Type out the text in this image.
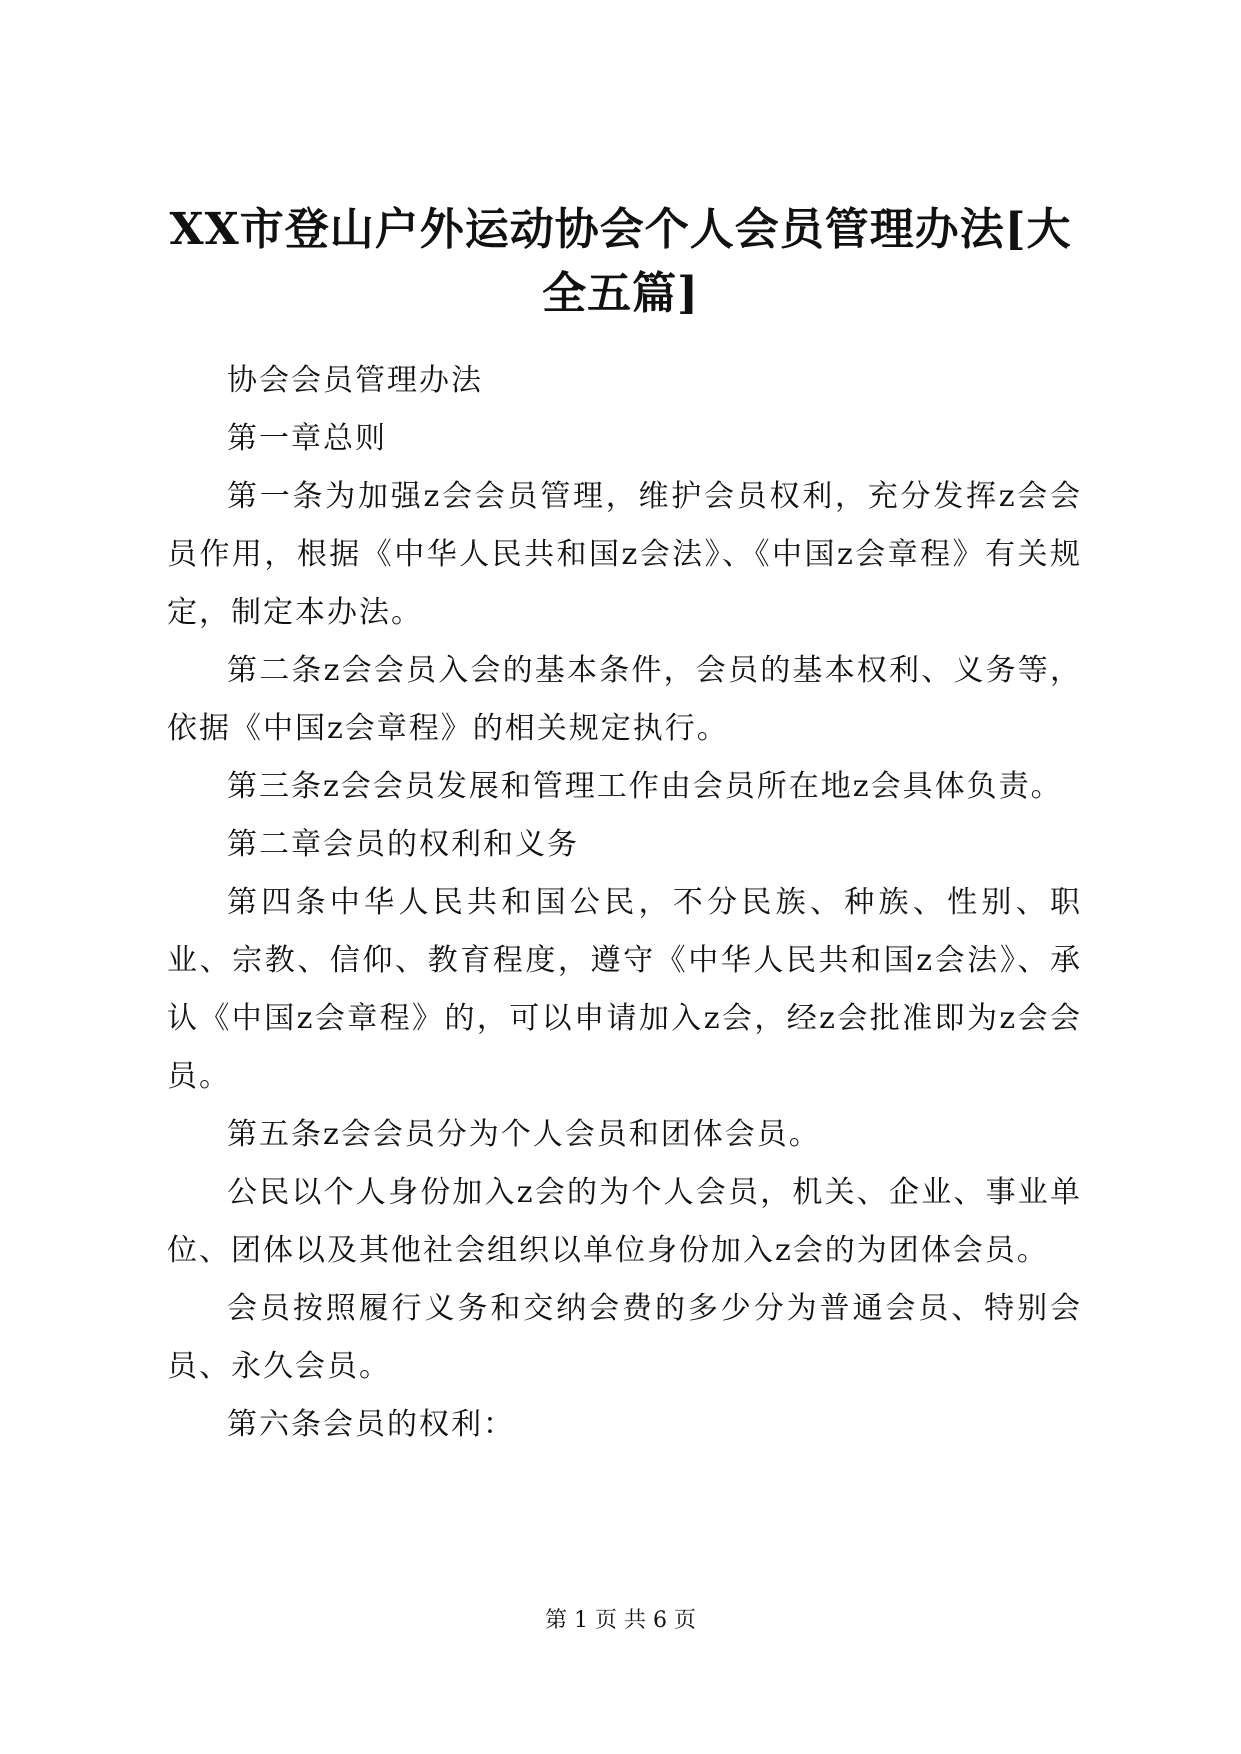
XX市登山户外运动协会个人会员管理办法[大
全五篇]

协会会员管理办法

第一章总则

第一条为加强z会会员管理，维护会员权利，充分发挥z会会员作用，根据《中华人民共和国z会法》、《中国z会章程》有关规定，制定本办法。

第二条z会会员入会的基本条件，会员的基本权利、义务等，依据《中国z会章程》的相关规定执行。

第三条z会会员发展和管理工作由会员所在地z会具体负责。

第二章会员的权利和义务

第四条中华人民共和国公民，不分民族、种族、性别、职业、宗教、信仰、教育程度，遵守《中华人民共和国z会法》、承认《中国z会章程》的，可以申请加入z会，经z会批准即为z会会员。

第五条z会会员分为个人会员和团体会员。

公民以个人身份加入z会的为个人会员，机关、企业、事业单位、团体以及其他社会组织以单位身份加入z会的为团体会员。

会员按照履行义务和交纳会费的多少分为普通会员、特别会员、永久会员。

第六条会员的权利：

第 1 页 共 6 页
